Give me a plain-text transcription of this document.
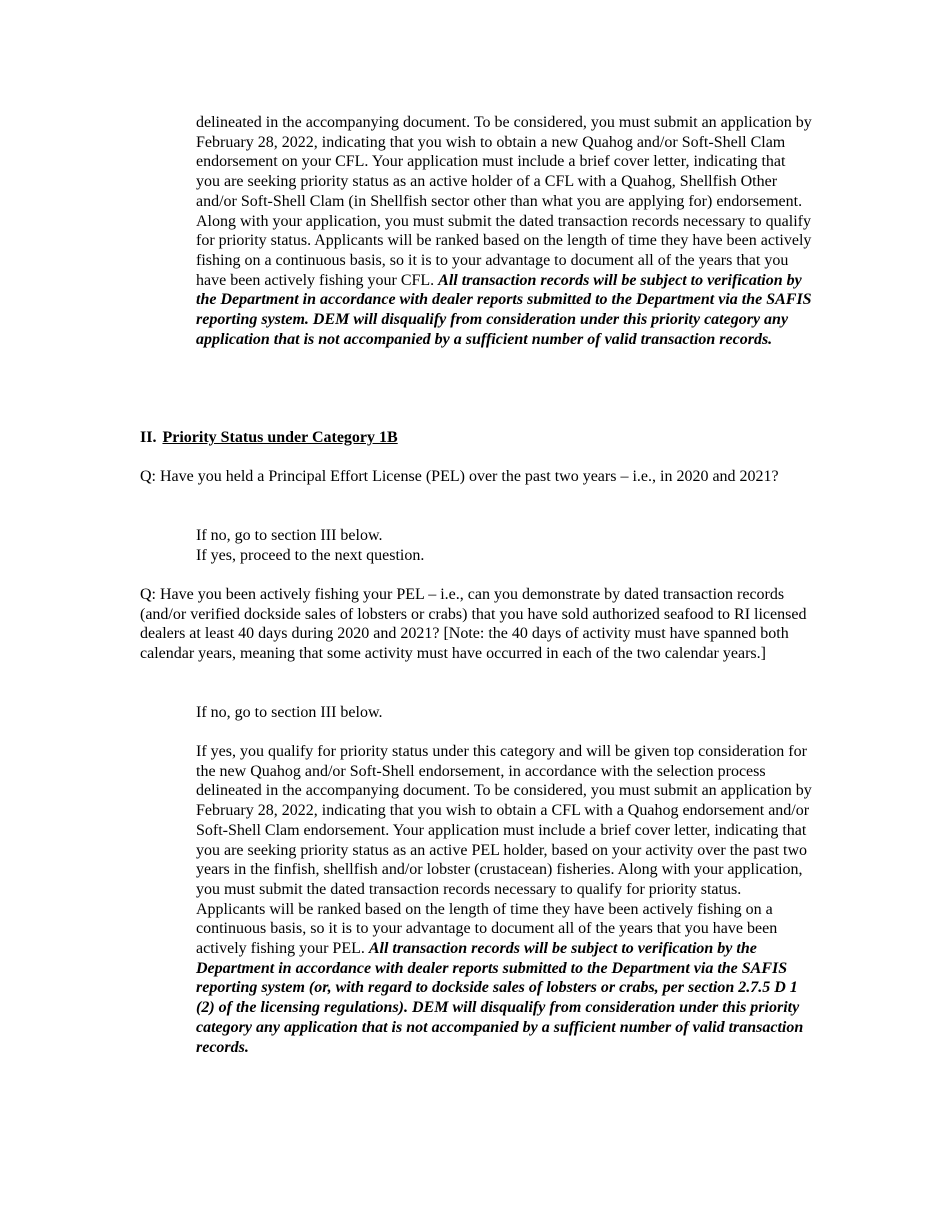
delineated in the accompanying document. To be considered, you must submit an application by February 28, 2022, indicating that you wish to obtain a new Quahog and/or Soft-Shell Clam endorsement on your CFL. Your application must include a brief cover letter, indicating that you are seeking priority status as an active holder of a CFL with a Quahog, Shellfish Other and/or Soft-Shell Clam (in Shellfish sector other than what you are applying for) endorsement. Along with your application, you must submit the dated transaction records necessary to qualify for priority status. Applicants will be ranked based on the length of time they have been actively fishing on a continuous basis, so it is to your advantage to document all of the years that you have been actively fishing your CFL. All transaction records will be subject to verification by the Department in accordance with dealer reports submitted to the Department via the SAFIS reporting system. DEM will disqualify from consideration under this priority category any application that is not accompanied by a sufficient number of valid transaction records.

II. Priority Status under Category 1B

Q: Have you held a Principal Effort License (PEL) over the past two years – i.e., in 2020 and 2021?

If no, go to section III below.

If yes, proceed to the next question.

Q: Have you been actively fishing your PEL – i.e., can you demonstrate by dated transaction records (and/or verified dockside sales of lobsters or crabs) that you have sold authorized seafood to RI licensed dealers at least 40 days during 2020 and 2021? [Note: the 40 days of activity must have spanned both calendar years, meaning that some activity must have occurred in each of the two calendar years.]

If no, go to section III below.

If yes, you qualify for priority status under this category and will be given top consideration for the new Quahog and/or Soft-Shell endorsement, in accordance with the selection process delineated in the accompanying document. To be considered, you must submit an application by February 28, 2022, indicating that you wish to obtain a CFL with a Quahog endorsement and/or Soft-Shell Clam endorsement. Your application must include a brief cover letter, indicating that you are seeking priority status as an active PEL holder, based on your activity over the past two years in the finfish, shellfish and/or lobster (crustacean) fisheries. Along with your application, you must submit the dated transaction records necessary to qualify for priority status. Applicants will be ranked based on the length of time they have been actively fishing on a continuous basis, so it is to your advantage to document all of the years that you have been actively fishing your PEL. All transaction records will be subject to verification by the Department in accordance with dealer reports submitted to the Department via the SAFIS reporting system (or, with regard to dockside sales of lobsters or crabs, per section 2.7.5 D 1 (2) of the licensing regulations). DEM will disqualify from consideration under this priority category any application that is not accompanied by a sufficient number of valid transaction records.
